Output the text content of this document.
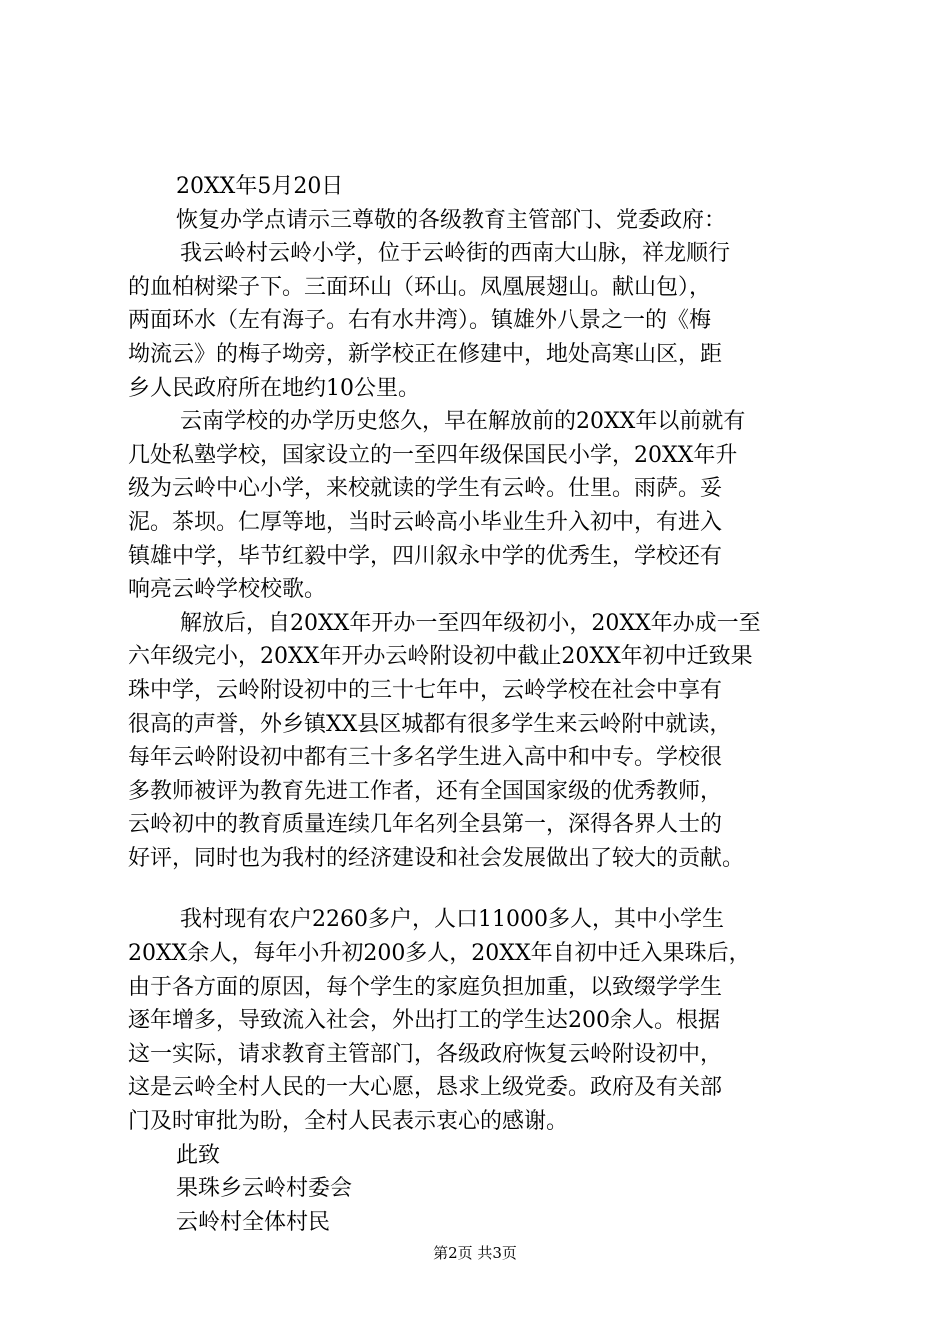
20XX年5月20日

恢复办学点请示三尊敬的各级教育主管部门、党委政府：

我云岭村云岭小学，位于云岭街的西南大山脉，祥龙顺行

的血柏树梁子下。三面环山（环山。凤凰展翅山。献山包），

两面环水（左有海子。右有水井湾）。镇雄外八景之一的《梅

坳流云》的梅子坳旁，新学校正在修建中，地处高寒山区，距

乡人民政府所在地约10公里。

云南学校的办学历史悠久，早在解放前的20XX年以前就有

几处私塾学校，国家设立的一至四年级保国民小学，20XX年升

级为云岭中心小学，来校就读的学生有云岭。仕里。雨萨。妥

泥。茶坝。仁厚等地，当时云岭高小毕业生升入初中，有进入

镇雄中学，毕节红毅中学，四川叙永中学的优秀生，学校还有

响亮云岭学校校歌。

解放后，自20XX年开办一至四年级初小，20XX年办成一至

六年级完小，20XX年开办云岭附设初中截止20XX年初中迁致果

珠中学，云岭附设初中的三十七年中，云岭学校在社会中享有

很高的声誉，外乡镇XX县区城都有很多学生来云岭附中就读，

每年云岭附设初中都有三十多名学生进入高中和中专。学校很

多教师被评为教育先进工作者，还有全国国家级的优秀教师，

云岭初中的教育质量连续几年名列全县第一，深得各界人士的

好评，同时也为我村的经济建设和社会发展做出了较大的贡献。

我村现有农户2260多户，人口11000多人，其中小学生

20XX余人，每年小升初200多人，20XX年自初中迁入果珠后，

由于各方面的原因，每个学生的家庭负担加重，以致缀学学生

逐年增多，导致流入社会，外出打工的学生达200余人。根据

这一实际，请求教育主管部门，各级政府恢复云岭附设初中，

这是云岭全村人民的一大心愿，恳求上级党委。政府及有关部

门及时审批为盼，全村人民表示衷心的感谢。

此致

果珠乡云岭村委会

云岭村全体村民

第2页 共3页
